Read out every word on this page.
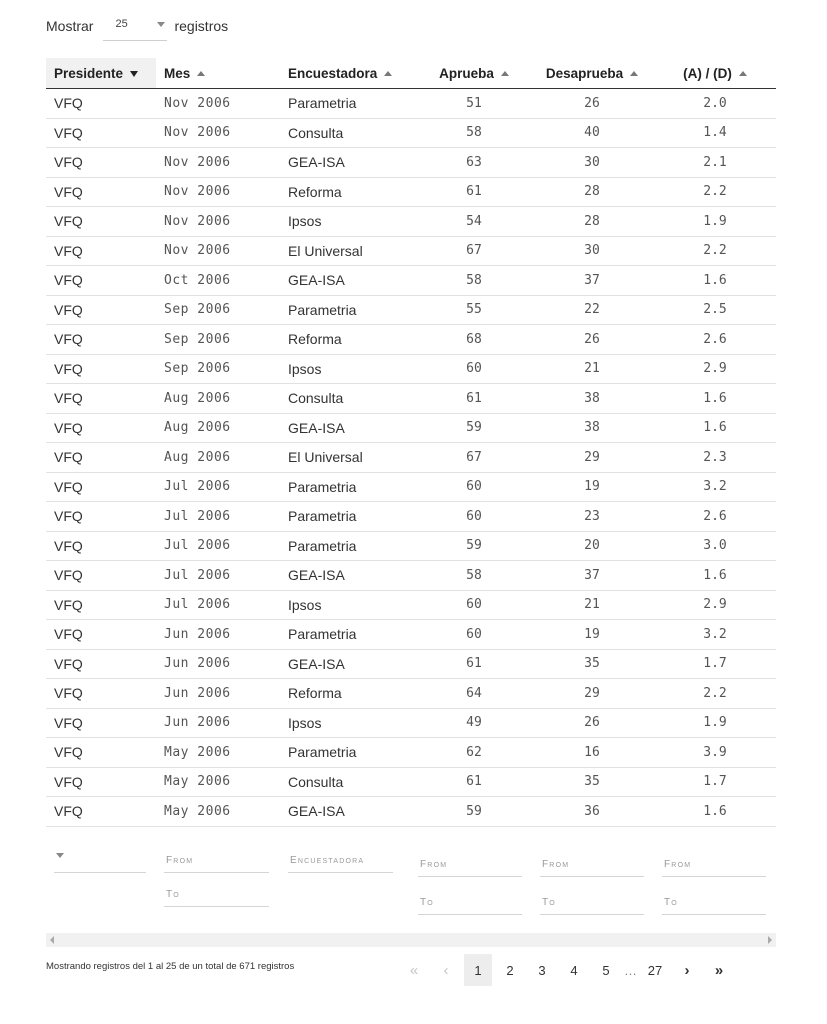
Mostrar 25	registros
Presidente	Mes	Encuestadora	Aprueba	Desaprueba	(A) / (D)
VFQ	Nov 2006	Parametria	51	26	2.0
VFQ	Nov 2006	Consulta	58	40	1.4
VFQ	Nov 2006	GEA-ISA	63	30	2.1
VFQ	Nov 2006	Reforma	61	28	2.2
VFQ	Nov 2006	Ipsos	54	28	1.9
VFQ	Nov 2006	El Universal	67	30	2.2
VFQ	Oct 2006	GEA-ISA	58	37	1.6
VFQ	Sep 2006	Parametria	55	22	2.5
VFQ	Sep 2006	Reforma	68	26	2.6
VFQ	Sep 2006	Ipsos	60	21	2.9
VFQ	Aug 2006	Consulta	61	38	1.6
VFQ	Aug 2006	GEA-ISA	59	38	1.6
VFQ	Aug 2006	El Universal	67	29	2.3
VFQ	Jul 2006	Parametria	60	19	3.2
VFQ	Jul 2006	Parametria	60	23	2.6
VFQ	Jul 2006	Parametria	59	20	3.0
VFQ	Jul 2006	GEA-ISA	58	37	1.6
VFQ	Jul 2006	Ipsos	60	21	2.9
VFQ	Jun 2006	Parametria	60	19	3.2
VFQ	Jun 2006	GEA-ISA	61	35	1.7
VFQ	Jun 2006	Reforma	64	29	2.2
VFQ	Jun 2006	Ipsos	49	26	1.9
VFQ	May 2006	Parametria	62	16	3.9
VFQ	May 2006	Consulta	61	35	1.7
VFQ	May 2006	GEA-ISA	59	36	1.6
From
To
Encuestadora	From
To
From
To
From
To
Mostrando registros del 1 al 25 de un total de 671 registros	«	‹	1	2	3	4	5	… 27	›	»
